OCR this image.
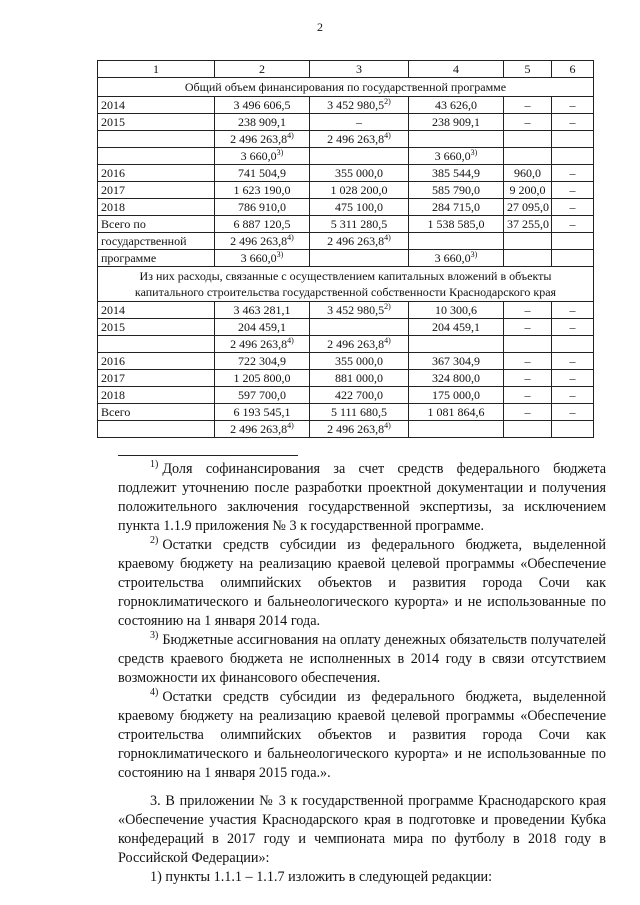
2
1	2	3	4	5	6
Общий объем финансирования по государственной программе					
2014	3 496 606,5	3 452 980,5$^{2)}$	43 626,0	–	–
2015	238 909,1	–	238 909,1	–	–
	2 496 263,8$^{4)}$	2 496 263,8$^{4)}$			
	3 660,0$^{3)}$		3 660,0$^{3)}$		
2016	741 504,9	355 000,0	385 544,9	960,0	–
2017	1 623 190,0	1 028 200,0	585 790,0	9 200,0	–
2018	786 910,0	475 100,0	284 715,0	27 095,0	–
Всего по	6 887 120,5	5 311 280,5	1 538 585,0	37 255,0	–
государственной	2 496 263,8$^{4)}$	2 496 263,8$^{4)}$			
программе	3 660,0$^{3)}$		3 660,0$^{3)}$		
Из них расходы, связанные с осуществлением капитальных вложений в объекты капитального строительства государственной собственности Краснодарского края					
2014	3 463 281,1	3 452 980,5$^{2)}$	10 300,6	–	–
2015	204 459,1		204 459,1	–	–
	2 496 263,8$^{4)}$	2 496 263,8$^{4)}$			
2016	722 304,9	355 000,0	367 304,9	–	–
2017	1 205 800,0	881 000,0	324 800,0	–	–
2018	597 700,0	422 700,0	175 000,0	–	–
Всего	6 193 545,1	5 111 680,5	1 081 864,6	–	–
	2 496 263,8$^{4)}$	2 496 263,8$^{4)}$			

$^{1)}$ Доля софинансирования за счет средств федерального бюджета подлежит уточнению после разработки проектной документации и получения положительного заключения государственной экспертизы, за исключением пункта 1.1.9 приложения № 3 к государственной программе.

$^{2)}$ Остатки средств субсидии из федерального бюджета, выделенной краевому бюджету на реализацию краевой целевой программы «Обеспечение строительства олимпийских объектов и развития города Сочи как горноклиматического и бальнеологического курорта» и не использованные по состоянию на 1 января 2014 года.

$^{3)}$ Бюджетные ассигнования на оплату денежных обязательств получателей средств краевого бюджета не исполненных в 2014 году в связи отсутствием возможности их финансового обеспечения.

$^{4)}$ Остатки средств субсидии из федерального бюджета, выделенной краевому бюджету на реализацию краевой целевой программы «Обеспечение строительства олимпийских объектов и развития города Сочи как горноклиматического и бальнеологического курорта» и не использованные по состоянию на 1 января 2015 года.».

3. В приложении № 3 к государственной программе Краснодарского края «Обеспечение участия Краснодарского края в подготовке и проведении Кубка конфедераций в 2017 году и чемпионата мира по футболу в 2018 году в Российской Федерации»:

1) пункты 1.1.1 – 1.1.7 изложить в следующей редакции:
